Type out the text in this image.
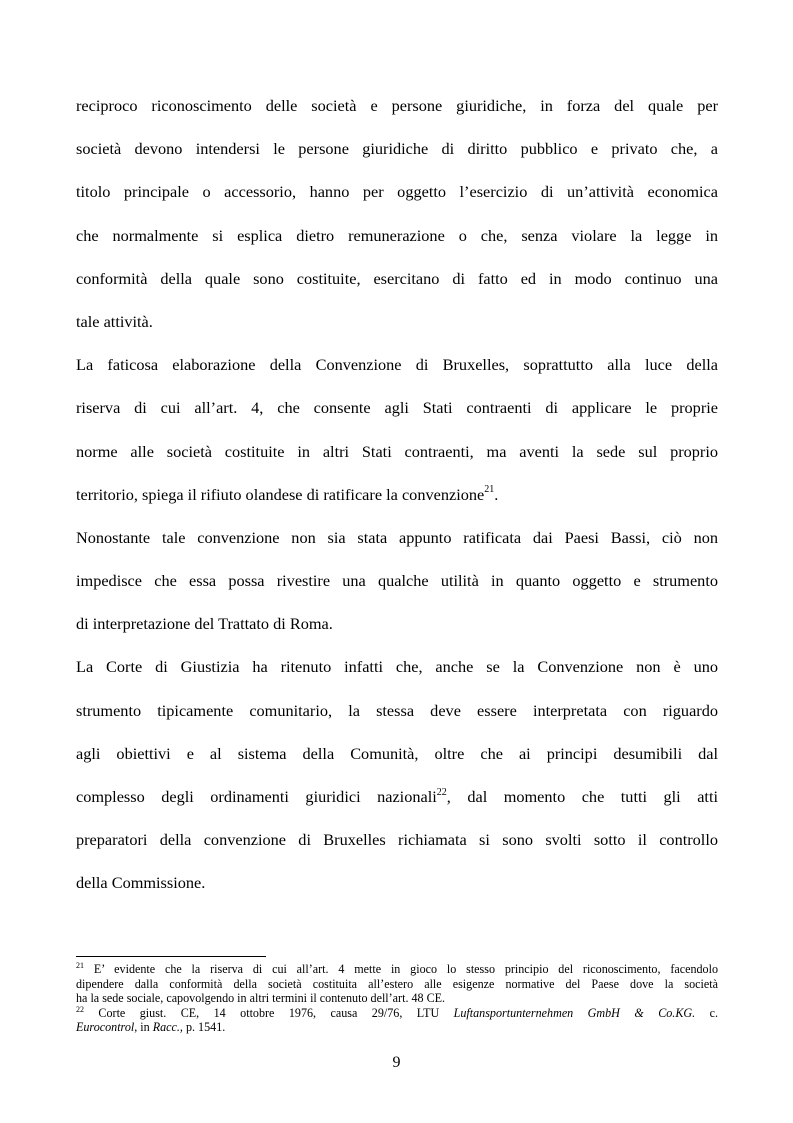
reciproco riconoscimento delle società e persone giuridiche, in forza del quale per
società devono intendersi le persone giuridiche di diritto pubblico e privato che, a
titolo principale o accessorio, hanno per oggetto l’esercizio di un’attività economica
che normalmente si esplica dietro remunerazione o che, senza violare la legge in
conformità della quale sono costituite, esercitano di fatto ed in modo continuo una
tale attività.
La faticosa elaborazione della Convenzione di Bruxelles, soprattutto alla luce della
riserva di cui all’art. 4, che consente agli Stati contraenti di applicare le proprie
norme alle società costituite in altri Stati contraenti, ma aventi la sede sul proprio
territorio, spiega il rifiuto olandese di ratificare la convenzione$^{21}$.
Nonostante tale convenzione non sia stata appunto ratificata dai Paesi Bassi, ciò non
impedisce che essa possa rivestire una qualche utilità in quanto oggetto e strumento
di interpretazione del Trattato di Roma.
La Corte di Giustizia ha ritenuto infatti che, anche se la Convenzione non è uno
strumento tipicamente comunitario, la stessa deve essere interpretata con riguardo
agli obiettivi e al sistema della Comunità, oltre che ai principi desumibili dal
complesso degli ordinamenti giuridici nazionali$^{22}$, dal momento che tutti gli atti
preparatori della convenzione di Bruxelles richiamata si sono svolti sotto il controllo
della Commissione.
$^{21}$ E’ evidente che la riserva di cui all’art. 4 mette in gioco lo stesso principio del riconoscimento, facendolo
dipendere dalla conformità della società costituita all’estero alle esigenze normative del Paese dove la società
ha la sede sociale, capovolgendo in altri termini il contenuto dell’art. 48 CE.
$^{22}$ Corte giust. CE, 14 ottobre 1976, causa 29/76, LTU Luftansportunternehmen GmbH & Co.KG. c.
Eurocontrol, in Racc., p. 1541.
9
